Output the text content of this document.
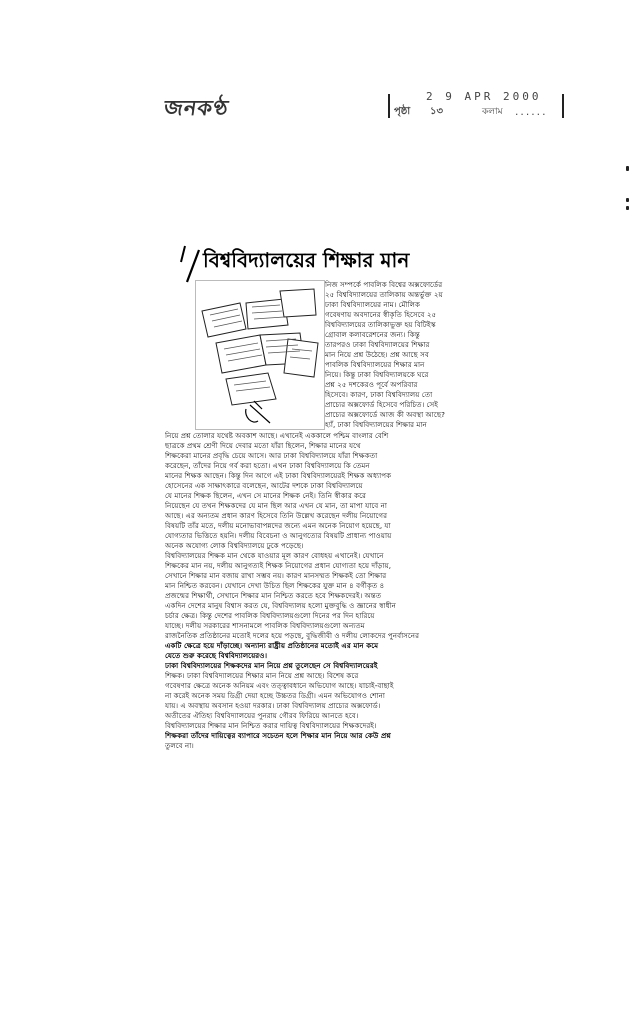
জনকণ্ঠ	2 9 APR 2000
পৃষ্ঠা ১৩	কলাম ......
বিশ্ববিদ্যালয়ের শিক্ষার মান
নিজ সম্পর্কে পাবলিক বিশ্বের অক্সফোর্ডের
২৫ বিশ্ববিদ্যালয়ের তালিকায় অন্তর্ভুক্ত ২য়
ঢাকা বিশ্ববিদ্যালয়ের নাম। মৌলিক
গবেষণায় অবদানের স্বীকৃতি হিসেবে ২৫
বিশ্ববিদ্যালয়ের তালিকাভুক্ত হয় বিটিইস্ক
গ্রোবাল কলাবরেশনের জন্য। কিন্তু
তারপরও ঢাকা বিশ্ববিদ্যালয়ের শিক্ষার
মান নিয়ে প্রশ্ন উঠেছে। প্রশ্ন আছে সব
পাবলিক বিশ্ববিদ্যালয়ের শিক্ষার মান
নিয়ে। কিন্তু ঢাকা বিশ্ববিদ্যালয়কে ঘরে
প্রশ্ন ২৫ দশকেরও পূর্বে অপরিবার
হিসেবে। কারণ, ঢাকা বিশ্ববিদ্যালয় তো
প্রাচ্যের অক্সফোর্ড হিসেবে পরিচিত। সেই
প্রাচ্যের অক্সফোর্ডে আজ কী অবস্থা আছে?
হ্যাঁ, ঢাকা বিশ্ববিদ্যালয়ের শিক্ষার মান
নিয়ে প্রশ্ন তোলার যথেষ্ট অবকাশ আছে। এখানেই এককালে পশ্চিম বাংলার বেশি
ছাত্রকে প্রথম শ্রেণী দিয়ে দেবার মতো যাঁরা ছিলেন, শিক্ষার মানের যথে
শিক্ষকেরা মানের প্রবৃদ্ধি চেয়ে আসে। আর ঢাকা বিশ্ববিদ্যালয়ে যাঁরা শিক্ষকতা
করেছেন, তাঁদের নিয়ে গর্ব করা হতো। এখন ঢাকা বিশ্ববিদ্যালয়ে কি তেমন
মানের শিক্ষক আছেন। কিন্তু দিন আগে এই ঢাকা বিশ্ববিদ্যালয়েরই শিক্ষক অধ্যাপক
হোসেনের এক সাক্ষাৎকারে বলেছেন, আটের দশকে ঢাকা বিশ্ববিদ্যালয়ে
যে মানের শিক্ষক ছিলেন, এখন সে মানের শিক্ষক নেই। তিনি স্বীকার করে
নিয়েছেন যে তখন শিক্ষকদের যে মান ছিল আর এখন যে মান, তা মাপা যাবে না
আছে। এর অন্যতম প্রধান কারণ হিসেবে তিনি উল্লেখ করেছেন দলীয় নিয়োগের
বিষয়টি তাঁর মতে, দলীয় মনোভাবাপন্নদের জন্যে এমন অনেক নিয়োগ হয়েছে, যা
যোগ্যতার ভিত্তিতে হয়নি। দলীয় বিবেচনা ও আনুগত্যের বিষয়টি প্রাধান্য পাওয়ায়
অনেক অযোগ্য লোক বিশ্ববিদ্যালয়ে ঢুকে পড়েছে।
বিশ্ববিদ্যালয়ের শিক্ষক মান থেকে যাওয়ার মূল কারণ বোধহয় এখানেই। যেখানে
শিক্ষকের মান নয়, দলীয় আনুগত্যই শিক্ষক নিয়োগের প্রধান যোগ্যতা হয়ে দাঁড়ায়,
সেখানে শিক্ষার মান বজায় রাখা সম্ভব নয়। কারণ মানসম্মত শিক্ষকই তো শিক্ষার
মান নিশ্চিত করবেন। যেখানে দেখা উচিত ছিল শিক্ষকের যুক্ত মান ৪ বর্গীকৃত ৪
প্রজন্মের শিক্ষার্থী, সেখানে শিক্ষার মান নিশ্চিত করতে হবে শিক্ষকদেরই। অন্তত
একদিন দেশের মানুষ বিশ্বাস করত যে, বিশ্ববিদ্যালয় হলো মুক্তবুদ্ধি ও জ্ঞানের স্বাধীন
চর্চার ক্ষেত্র। কিন্তু দেশের পাবলিক বিশ্ববিদ্যালয়গুলো দিনের পর দিন হারিয়ে
যাচ্ছে। দলীয় সরকারের শাসনামলে পাবলিক বিশ্ববিদ্যালয়গুলো অন্যতম
রাজনৈতিক প্রতিষ্ঠানের মতোই দলের হয়ে পড়ছে, বুদ্ধিজীবী ও দলীয় লোকদের পুনর্বাসনের
একটি ক্ষেত্রে হয়ে দাঁড়াচ্ছে। অন্যান্য রাষ্ট্রীয় প্রতিষ্ঠানের মতোই এর মান কমে
যেতে শুরু করেছে বিশ্ববিদ্যালয়েরও।
ঢাকা বিশ্ববিদ্যালয়ের শিক্ষকদের মান নিয়ে প্রশ্ন তুলেছেন সে বিশ্ববিদ্যালয়েরই
শিক্ষক। ঢাকা বিশ্ববিদ্যালয়ের শিক্ষার মান নিয়ে প্রশ্ন আছে। বিশেষ করে
গবেষণার ক্ষেত্রে অনেক অনিয়ম এবং তত্ত্বাবধানে অভিযোগ আছে। যাচাই-বাছাই
না করেই অনেক সময় ডিগ্রী দেয়া হচ্ছে উচ্চতর ডিগ্রী। এমন অভিযোগও শোনা
যায়। এ অবস্থায় অবসান হওয়া দরকার। ঢাকা বিশ্ববিদ্যালয় প্রাচ্যের অক্সফোর্ড।
অতীতের ঐতিহ্য বিশ্ববিদ্যালয়ের পুনরায় গৌরব ফিরিয়ে আনতে হবে।
বিশ্ববিদ্যালয়ের শিক্ষার মান নিশ্চিত করার দায়িত্ব বিশ্ববিদ্যালয়ের শিক্ষকদেরই।
শিক্ষকরা তাঁদের দায়িত্বের ব্যাপারে সচেতন হলে শিক্ষার মান নিয়ে আর কেউ প্রশ্ন
তুলবে না।
